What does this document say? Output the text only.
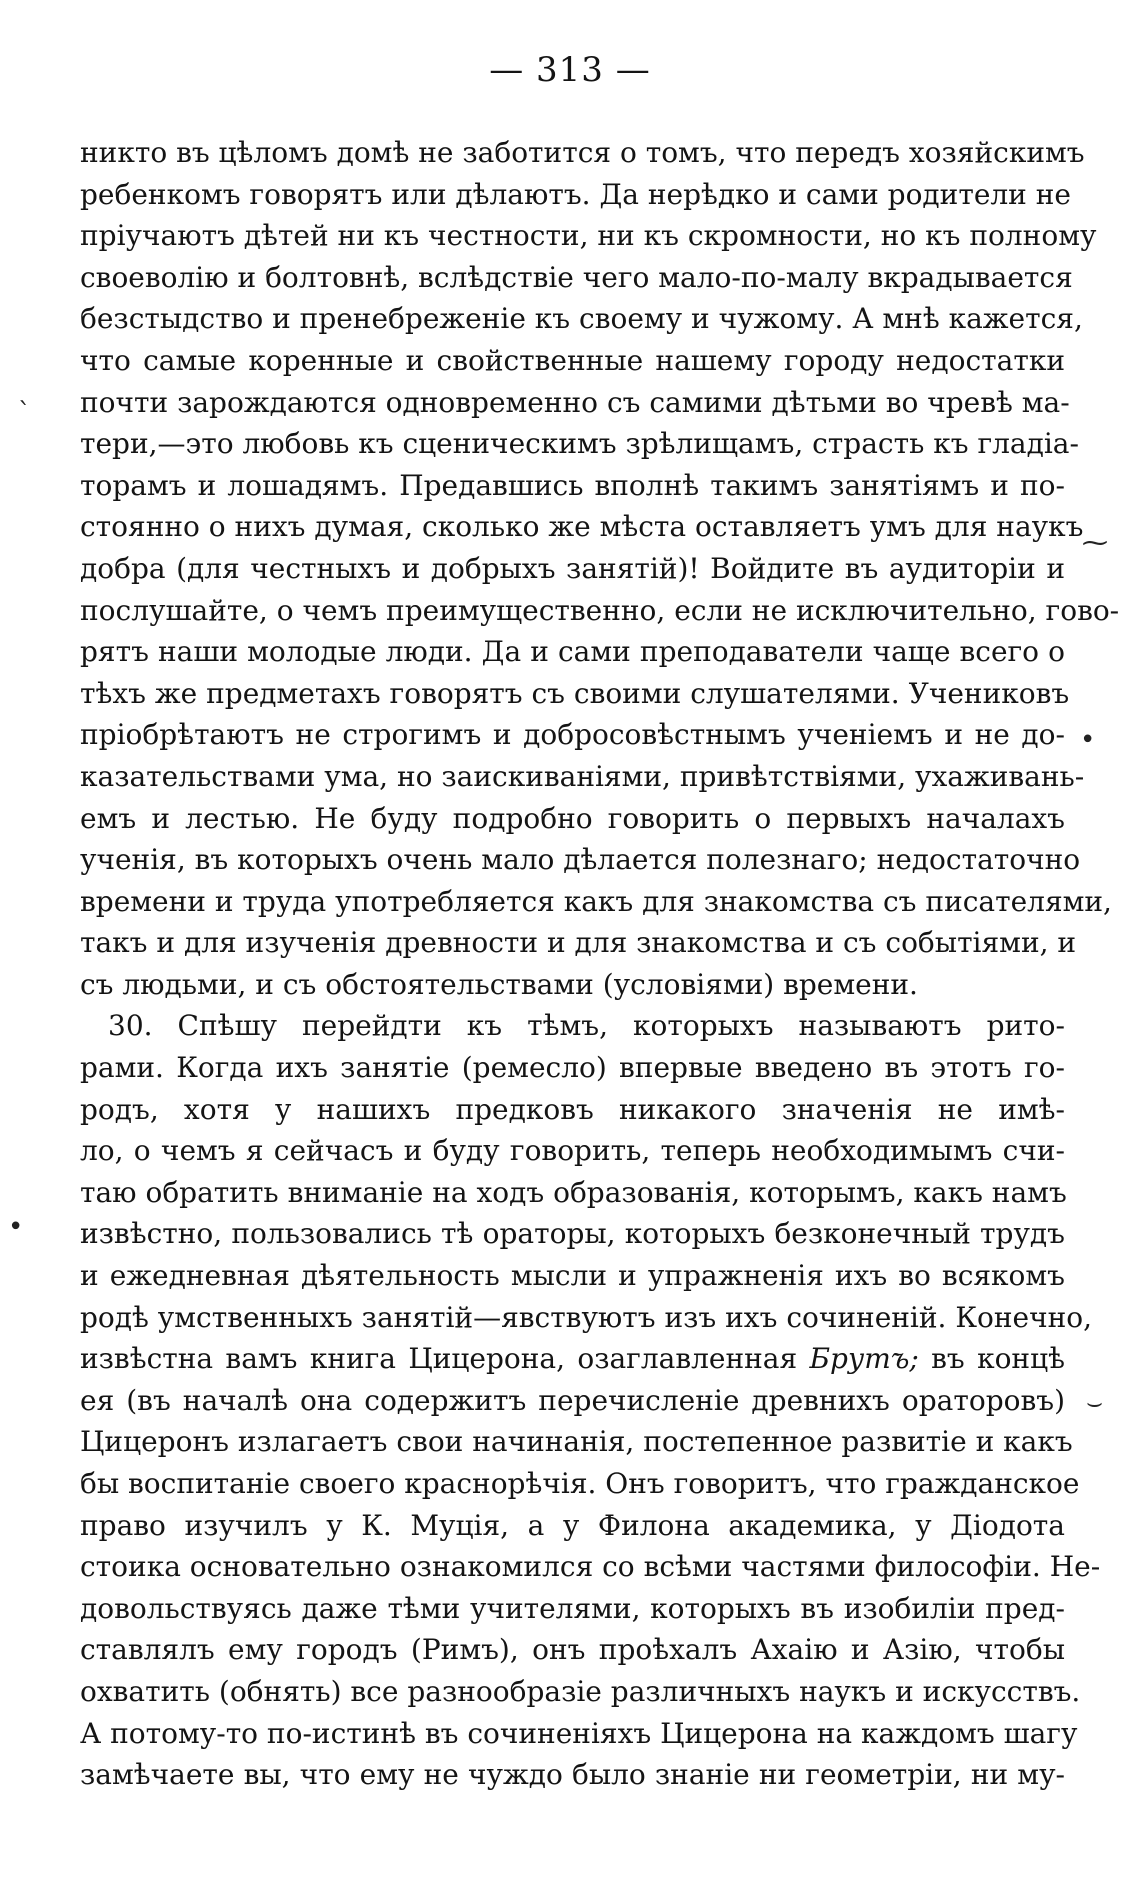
— 313 —
никто въ цѣломъ домѣ не заботится о томъ, что передъ хозяйскимъ
ребенкомъ говорятъ или дѣлаютъ. Да нерѣдко и сами родители не
пріучаютъ дѣтей ни къ честности, ни къ скромности, но къ полному
своеволію и болтовнѣ, вслѣдствіе чего мало-по-малу вкрадывается
безстыдство и пренебреженіе къ своему и чужому. А мнѣ кажется,
что самые коренные и свойственные нашему городу недостатки
почти зарождаются одновременно съ самими дѣтьми во чревѣ ма-
тери,—это любовь къ сценическимъ зрѣлищамъ, страсть къ гладіа-
торамъ и лошадямъ. Предавшись вполнѣ такимъ занятіямъ и по-
стоянно о нихъ думая, сколько же мѣста оставляетъ умъ для наукъ
добра (для честныхъ и добрыхъ занятій)! Войдите въ аудиторіи и
послушайте, о чемъ преимущественно, если не исключительно, гово-
рятъ наши молодые люди. Да и сами преподаватели чаще всего о
тѣхъ же предметахъ говорятъ съ своими слушателями. Учениковъ
пріобрѣтаютъ не строгимъ и добросовѣстнымъ ученіемъ и не до-
казательствами ума, но заискиваніями, привѣтствіями, ухаживань-
емъ и лестью. Не буду подробно говорить о первыхъ началахъ
ученія, въ которыхъ очень мало дѣлается полезнаго; недостаточно
времени и труда употребляется какъ для знакомства съ писателями,
такъ и для изученія древности и для знакомства и съ событіями, и
съ людьми, и съ обстоятельствами (условіями) времени.
30. Спѣшу перейдти къ тѣмъ, которыхъ называютъ рито-
рами. Когда ихъ занятіе (ремесло) впервые введено въ этотъ го-
родъ, хотя у нашихъ предковъ никакого значенія не имѣ-
ло, о чемъ я сейчасъ и буду говорить, теперь необходимымъ счи-
таю обратить вниманіе на ходъ образованія, которымъ, какъ намъ
извѣстно, пользовались тѣ ораторы, которыхъ безконечный трудъ
и ежедневная дѣятельность мысли и упражненія ихъ во всякомъ
родѣ умственныхъ занятій—явствуютъ изъ ихъ сочиненій. Конечно,
извѣстна вамъ книга Цицерона, озаглавленная Брутъ; въ концѣ
ея (въ началѣ она содержитъ перечисленіе древнихъ ораторовъ)
Цицеронъ излагаетъ свои начинанія, постепенное развитіе и какъ
бы воспитаніе своего краснорѣчія. Онъ говоритъ, что гражданское
право изучилъ у К. Муція, а у Филона академика, у Діодота
стоика основательно ознакомился со всѣми частями философіи. Не-
довольствуясь даже тѣми учителями, которыхъ въ изобиліи пред-
ставлялъ ему городъ (Римъ), онъ проѣхалъ Ахаію и Азію, чтобы
охватить (обнять) все разнообразіе различныхъ наукъ и искусствъ.
А потому-то по-истинѣ въ сочиненіяхъ Цицерона на каждомъ шагу
замѣчаете вы, что ему не чуждо было знаніе ни геометріи, ни му-
ˋ
⁓
•
•
⌣
